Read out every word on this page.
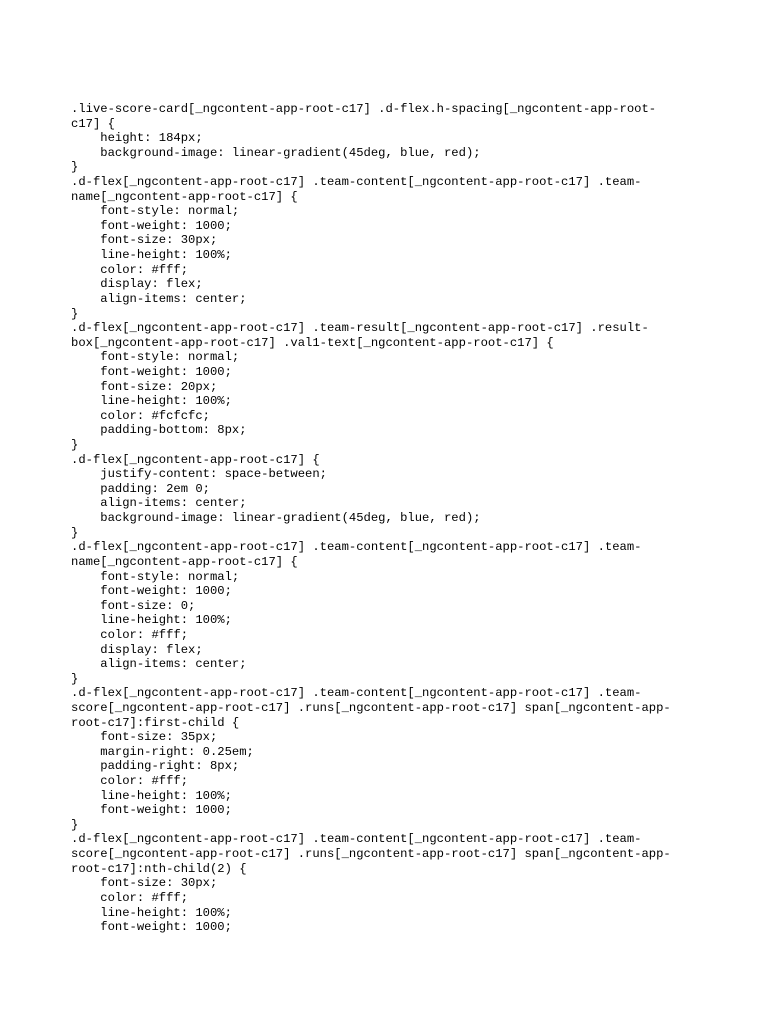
.live-score-card[_ngcontent-app-root-c17] .d-flex.h-spacing[_ngcontent-app-root-
c17] {
height: 184px;
background-image: linear-gradient(45deg, blue, red);
}
.d-flex[_ngcontent-app-root-c17] .team-content[_ngcontent-app-root-c17] .team-
name[_ngcontent-app-root-c17] {
font-style: normal;
font-weight: 1000;
font-size: 30px;
line-height: 100%;
color: #fff;
display: flex;
align-items: center;
}
.d-flex[_ngcontent-app-root-c17] .team-result[_ngcontent-app-root-c17] .result-
box[_ngcontent-app-root-c17] .val1-text[_ngcontent-app-root-c17] {
font-style: normal;
font-weight: 1000;
font-size: 20px;
line-height: 100%;
color: #fcfcfc;
padding-bottom: 8px;
}
.d-flex[_ngcontent-app-root-c17] {
justify-content: space-between;
padding: 2em 0;
align-items: center;
background-image: linear-gradient(45deg, blue, red);
}
.d-flex[_ngcontent-app-root-c17] .team-content[_ngcontent-app-root-c17] .team-
name[_ngcontent-app-root-c17] {
font-style: normal;
font-weight: 1000;
font-size: 0;
line-height: 100%;
color: #fff;
display: flex;
align-items: center;
}
.d-flex[_ngcontent-app-root-c17] .team-content[_ngcontent-app-root-c17] .team-
score[_ngcontent-app-root-c17] .runs[_ngcontent-app-root-c17] span[_ngcontent-app-
root-c17]:first-child {
font-size: 35px;
margin-right: 0.25em;
padding-right: 8px;
color: #fff;
line-height: 100%;
font-weight: 1000;
}
.d-flex[_ngcontent-app-root-c17] .team-content[_ngcontent-app-root-c17] .team-
score[_ngcontent-app-root-c17] .runs[_ngcontent-app-root-c17] span[_ngcontent-app-
root-c17]:nth-child(2) {
font-size: 30px;
color: #fff;
line-height: 100%;
font-weight: 1000;
